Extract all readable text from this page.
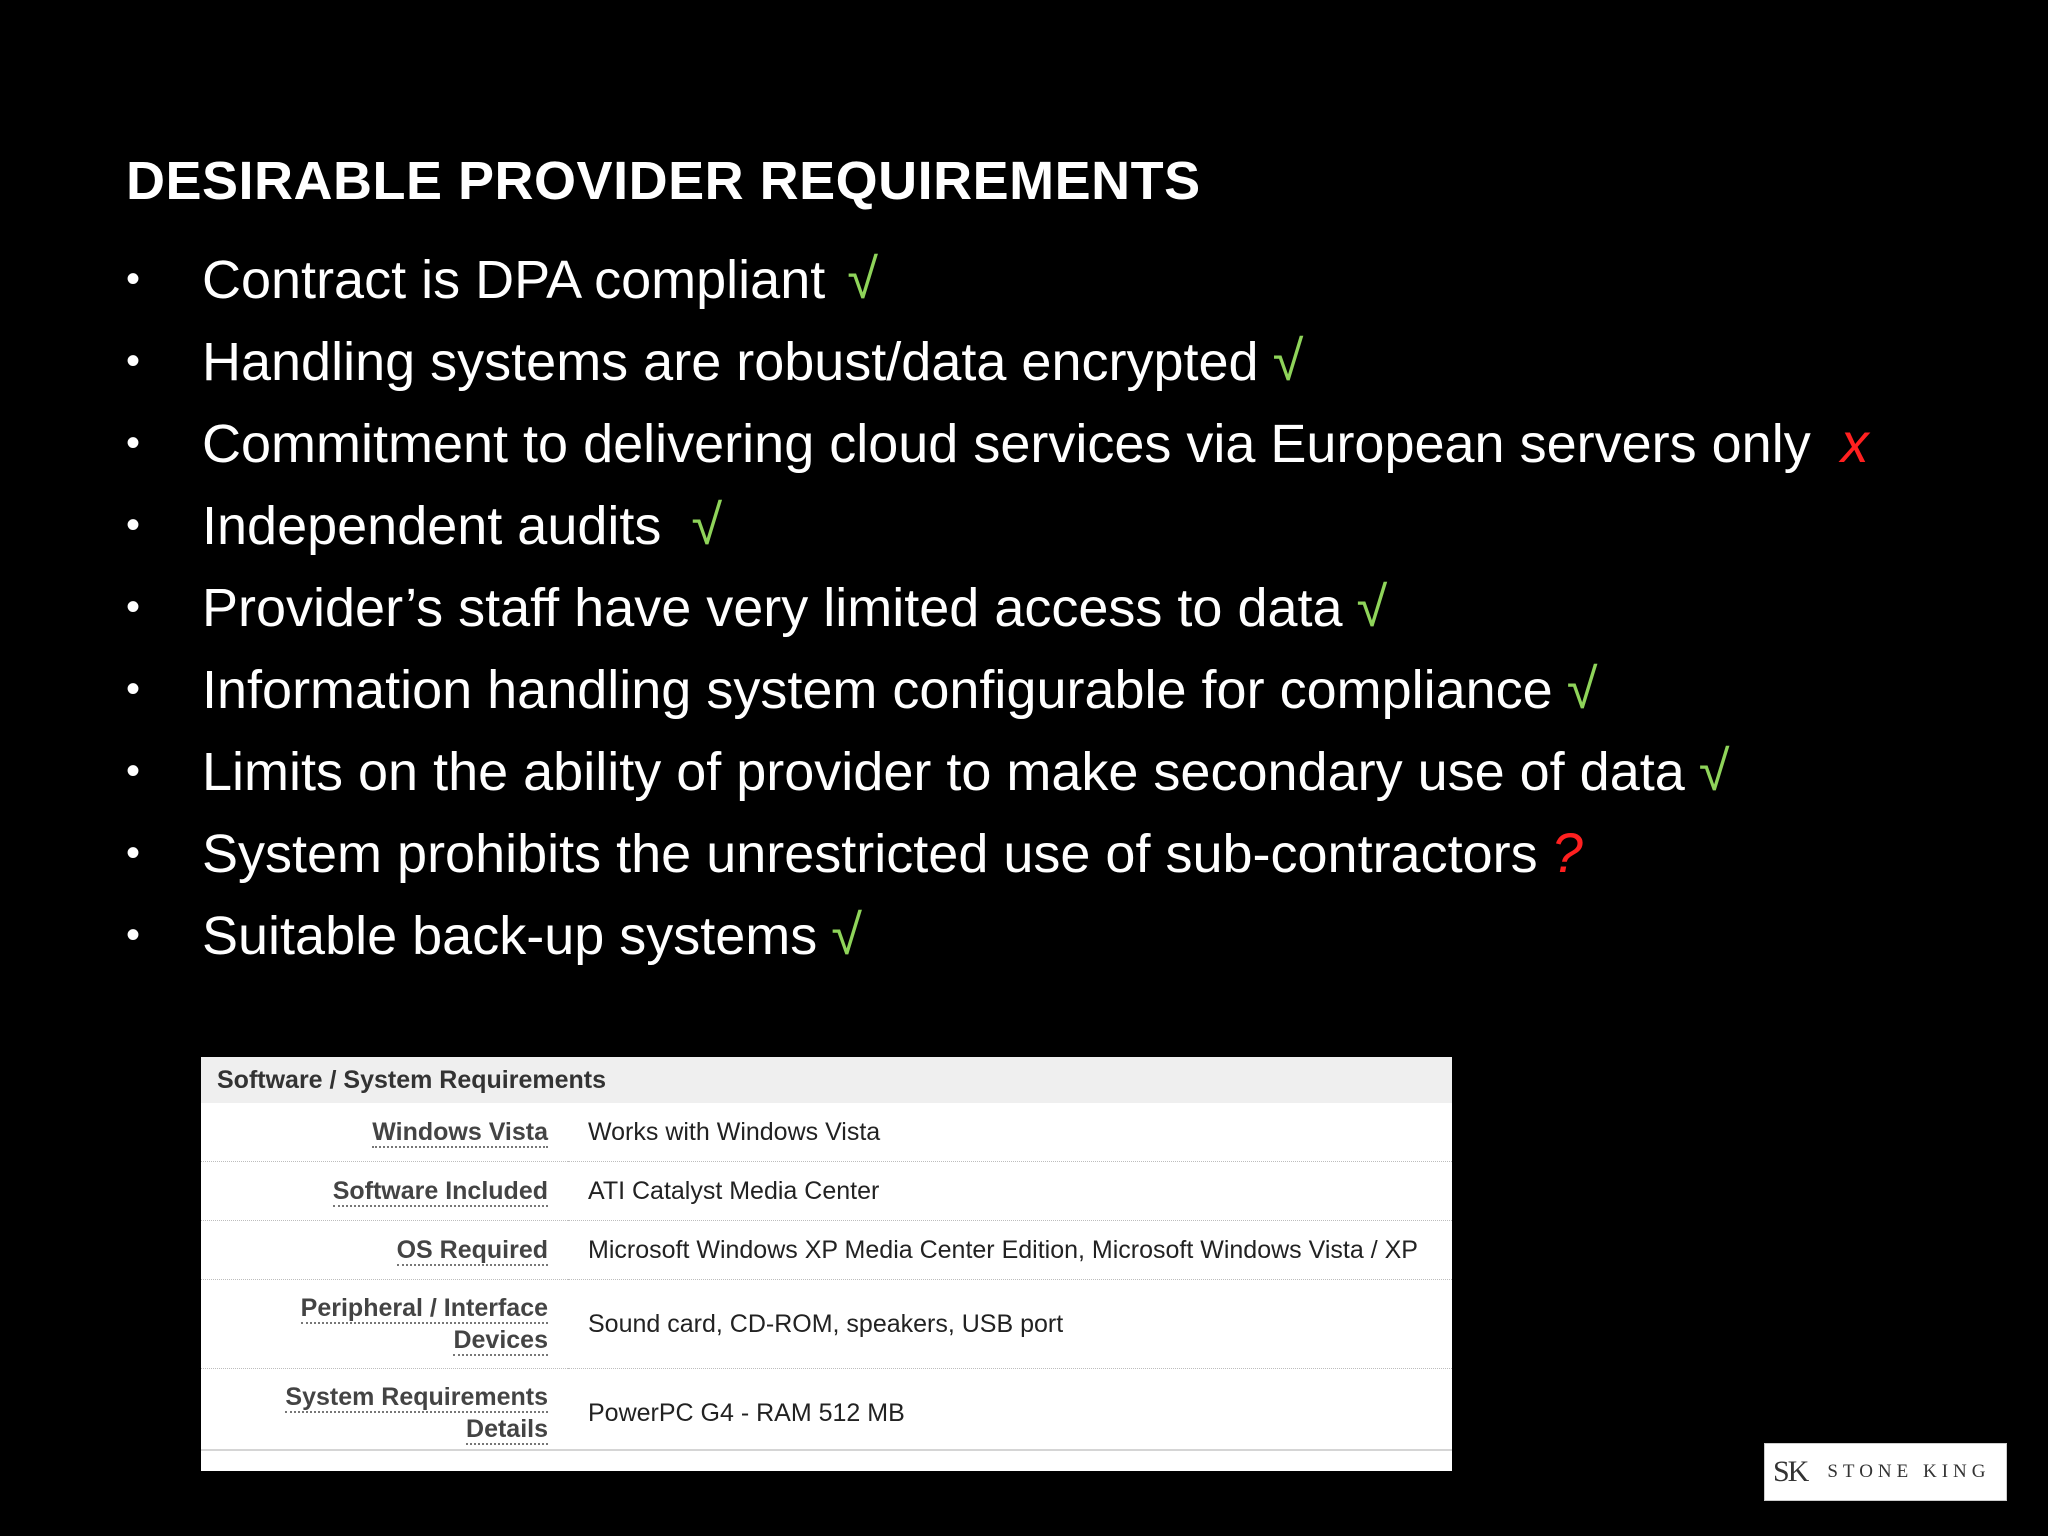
DESIRABLE PROVIDER REQUIREMENTS
• Contract is DPA compliant √
• Handling systems are robust/data encrypted √
• Commitment to delivering cloud services via European servers only x
• Independent audits √
• Provider’s staff have very limited access to data √
• Information handling system configurable for compliance √
• Limits on the ability of provider to make secondary use of data √
• System prohibits the unrestricted use of sub-contractors ?
• Suitable back-up systems √
Software / System Requirements
Windows Vista	Works with Windows Vista
Software Included	ATI Catalyst Media Center
OS Required	Microsoft Windows XP Media Center Edition, Microsoft Windows Vista / XP
Peripheral / Interface
Devices	Sound card, CD-ROM, speakers, USB port
System Requirements
Details	PowerPC G4 - RAM 512 MB
SK STONE KING
